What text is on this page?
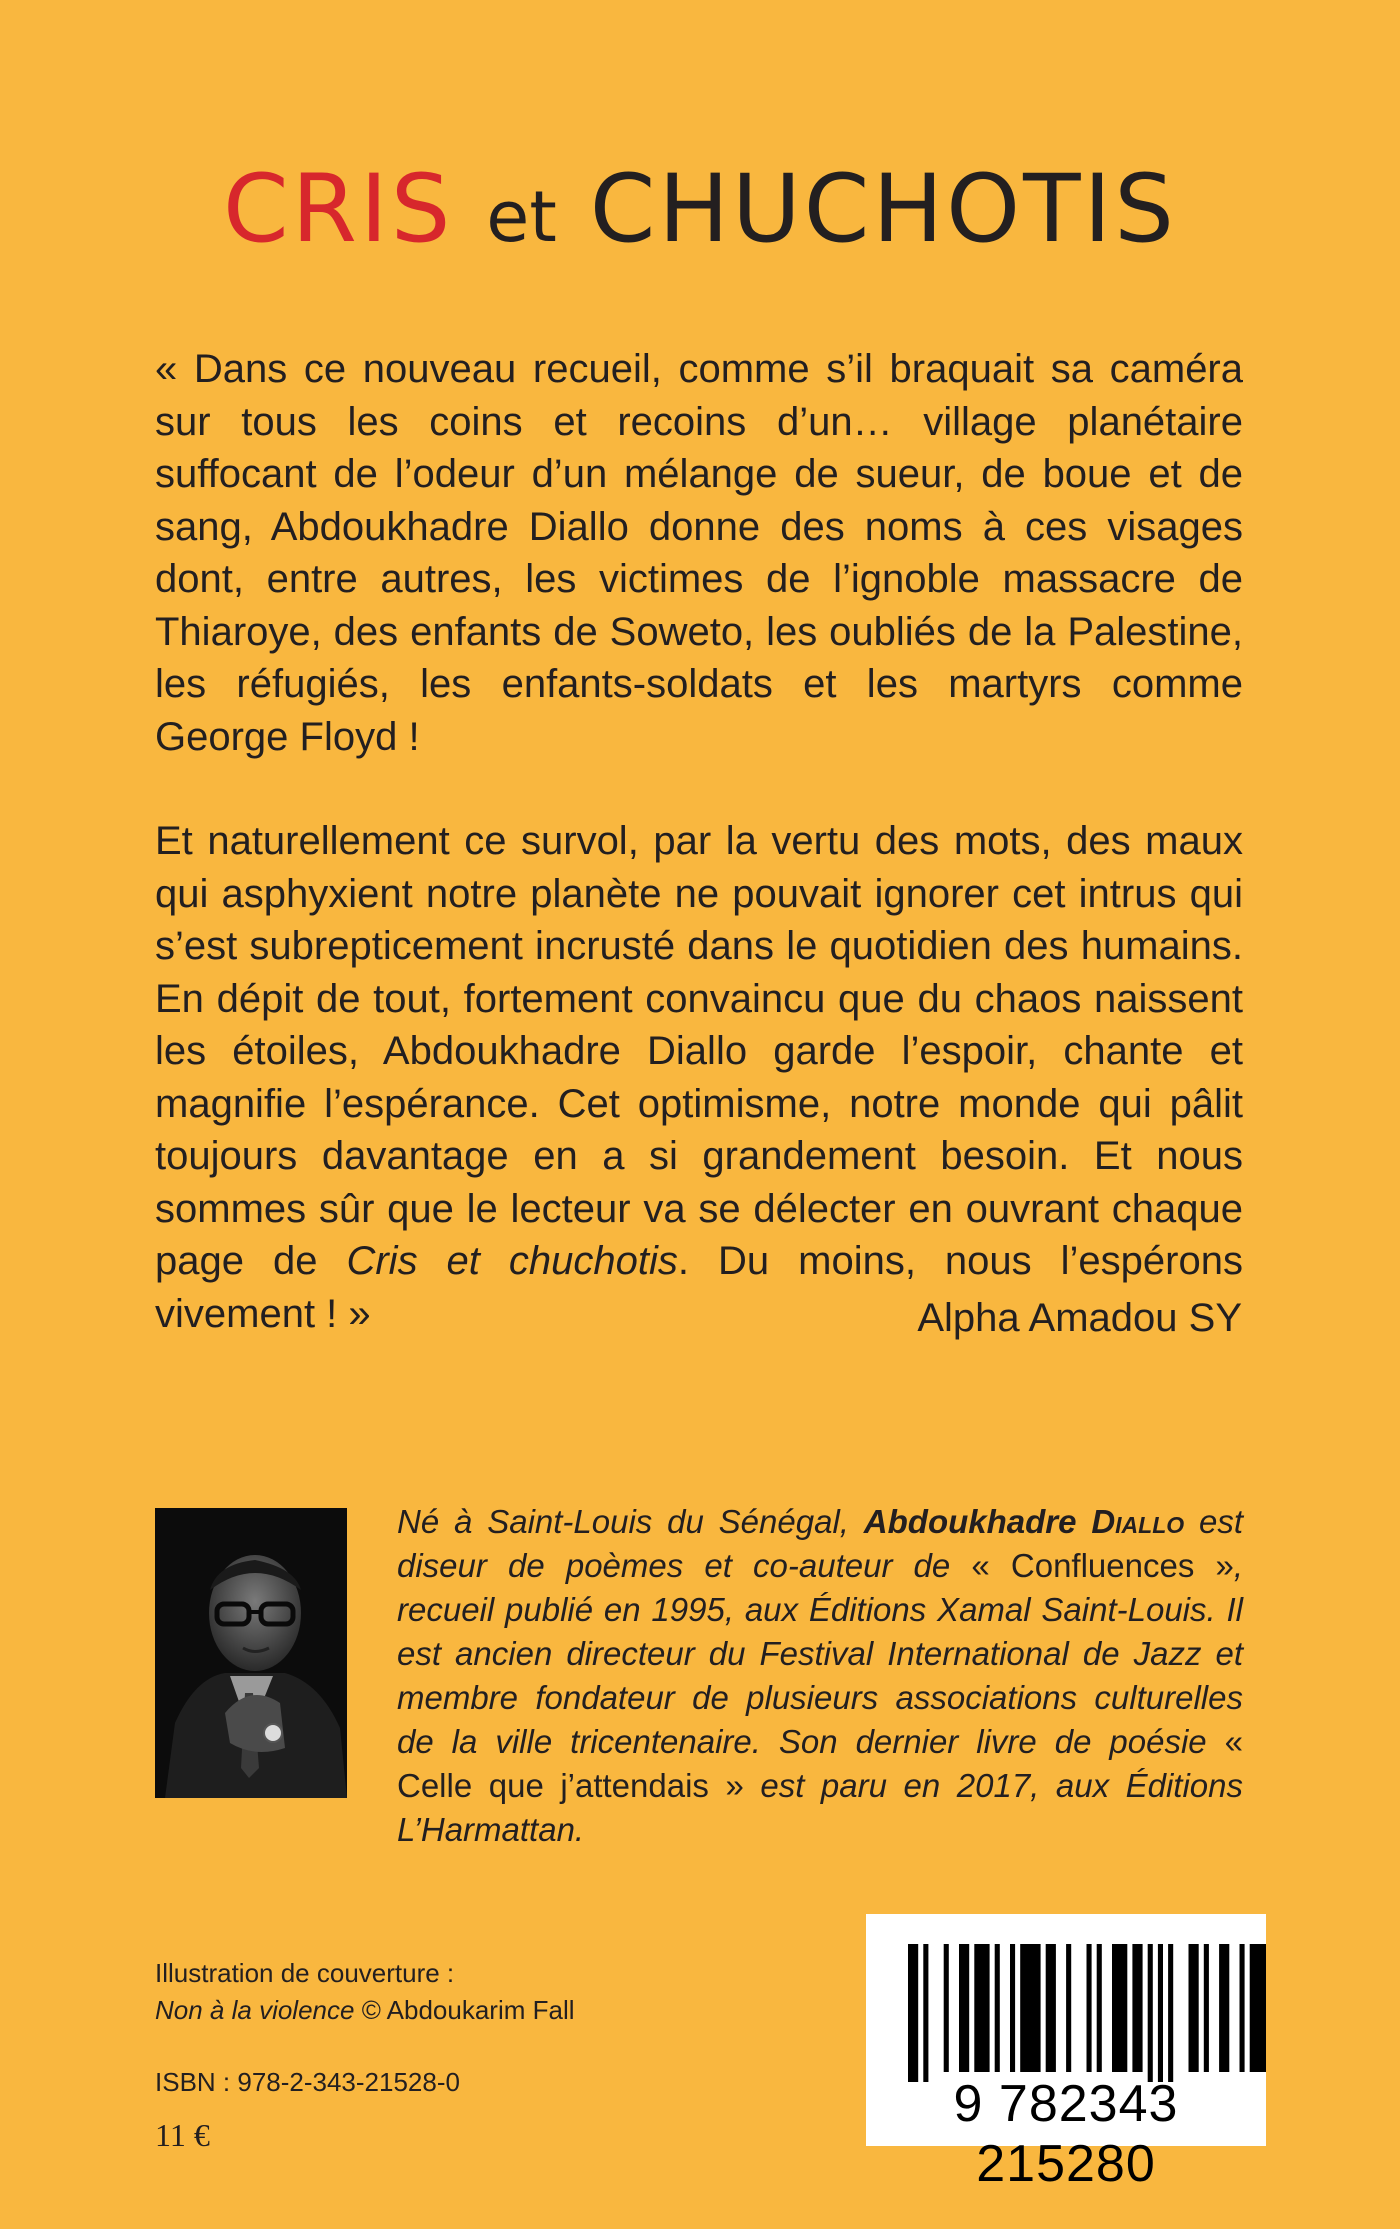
CRIS et CHUCHOTIS

« Dans ce nouveau recueil, comme s’il braquait sa caméra sur tous les coins et recoins d’un… village planétaire suffocant de l’odeur d’un mélange de sueur, de boue et de sang, Abdoukhadre Diallo donne des noms à ces visages dont, entre autres, les victimes de l’ignoble massacre de Thiaroye, des enfants de Soweto, les oubliés de la Palestine, les réfugiés, les enfants-soldats et les martyrs comme George Floyd !

Et naturellement ce survol, par la vertu des mots, des maux qui asphyxient notre planète ne pouvait ignorer cet intrus qui s’est subrepticement incrusté dans le quotidien des humains. En dépit de tout, fortement convaincu que du chaos naissent les étoiles, Abdoukhadre Diallo garde l’espoir, chante et magnifie l’espérance. Cet optimisme, notre monde qui pâlit toujours davantage en a si grandement besoin. Et nous sommes sûr que le lecteur va se délecter en ouvrant chaque page de Cris et chuchotis. Du moins, nous l’espérons vivement ! »	Alpha Amadou SY

Né à Saint-Louis du Sénégal, Abdoukhadre Diallo est diseur de poèmes et co-auteur de « Confluences », recueil publié en 1995, aux Éditions Xamal Saint-Louis. Il est ancien directeur du Festival International de Jazz et membre fondateur de plusieurs associations culturelles de la ville tricentenaire. Son dernier livre de poésie « Celle que j’attendais » est paru en 2017, aux Éditions L’Harmattan.

Illustration de couverture :
Non à la violence © Abdoukarim Fall
ISBN : 978-2-343-21528-0
11 €
9 782343 215280
